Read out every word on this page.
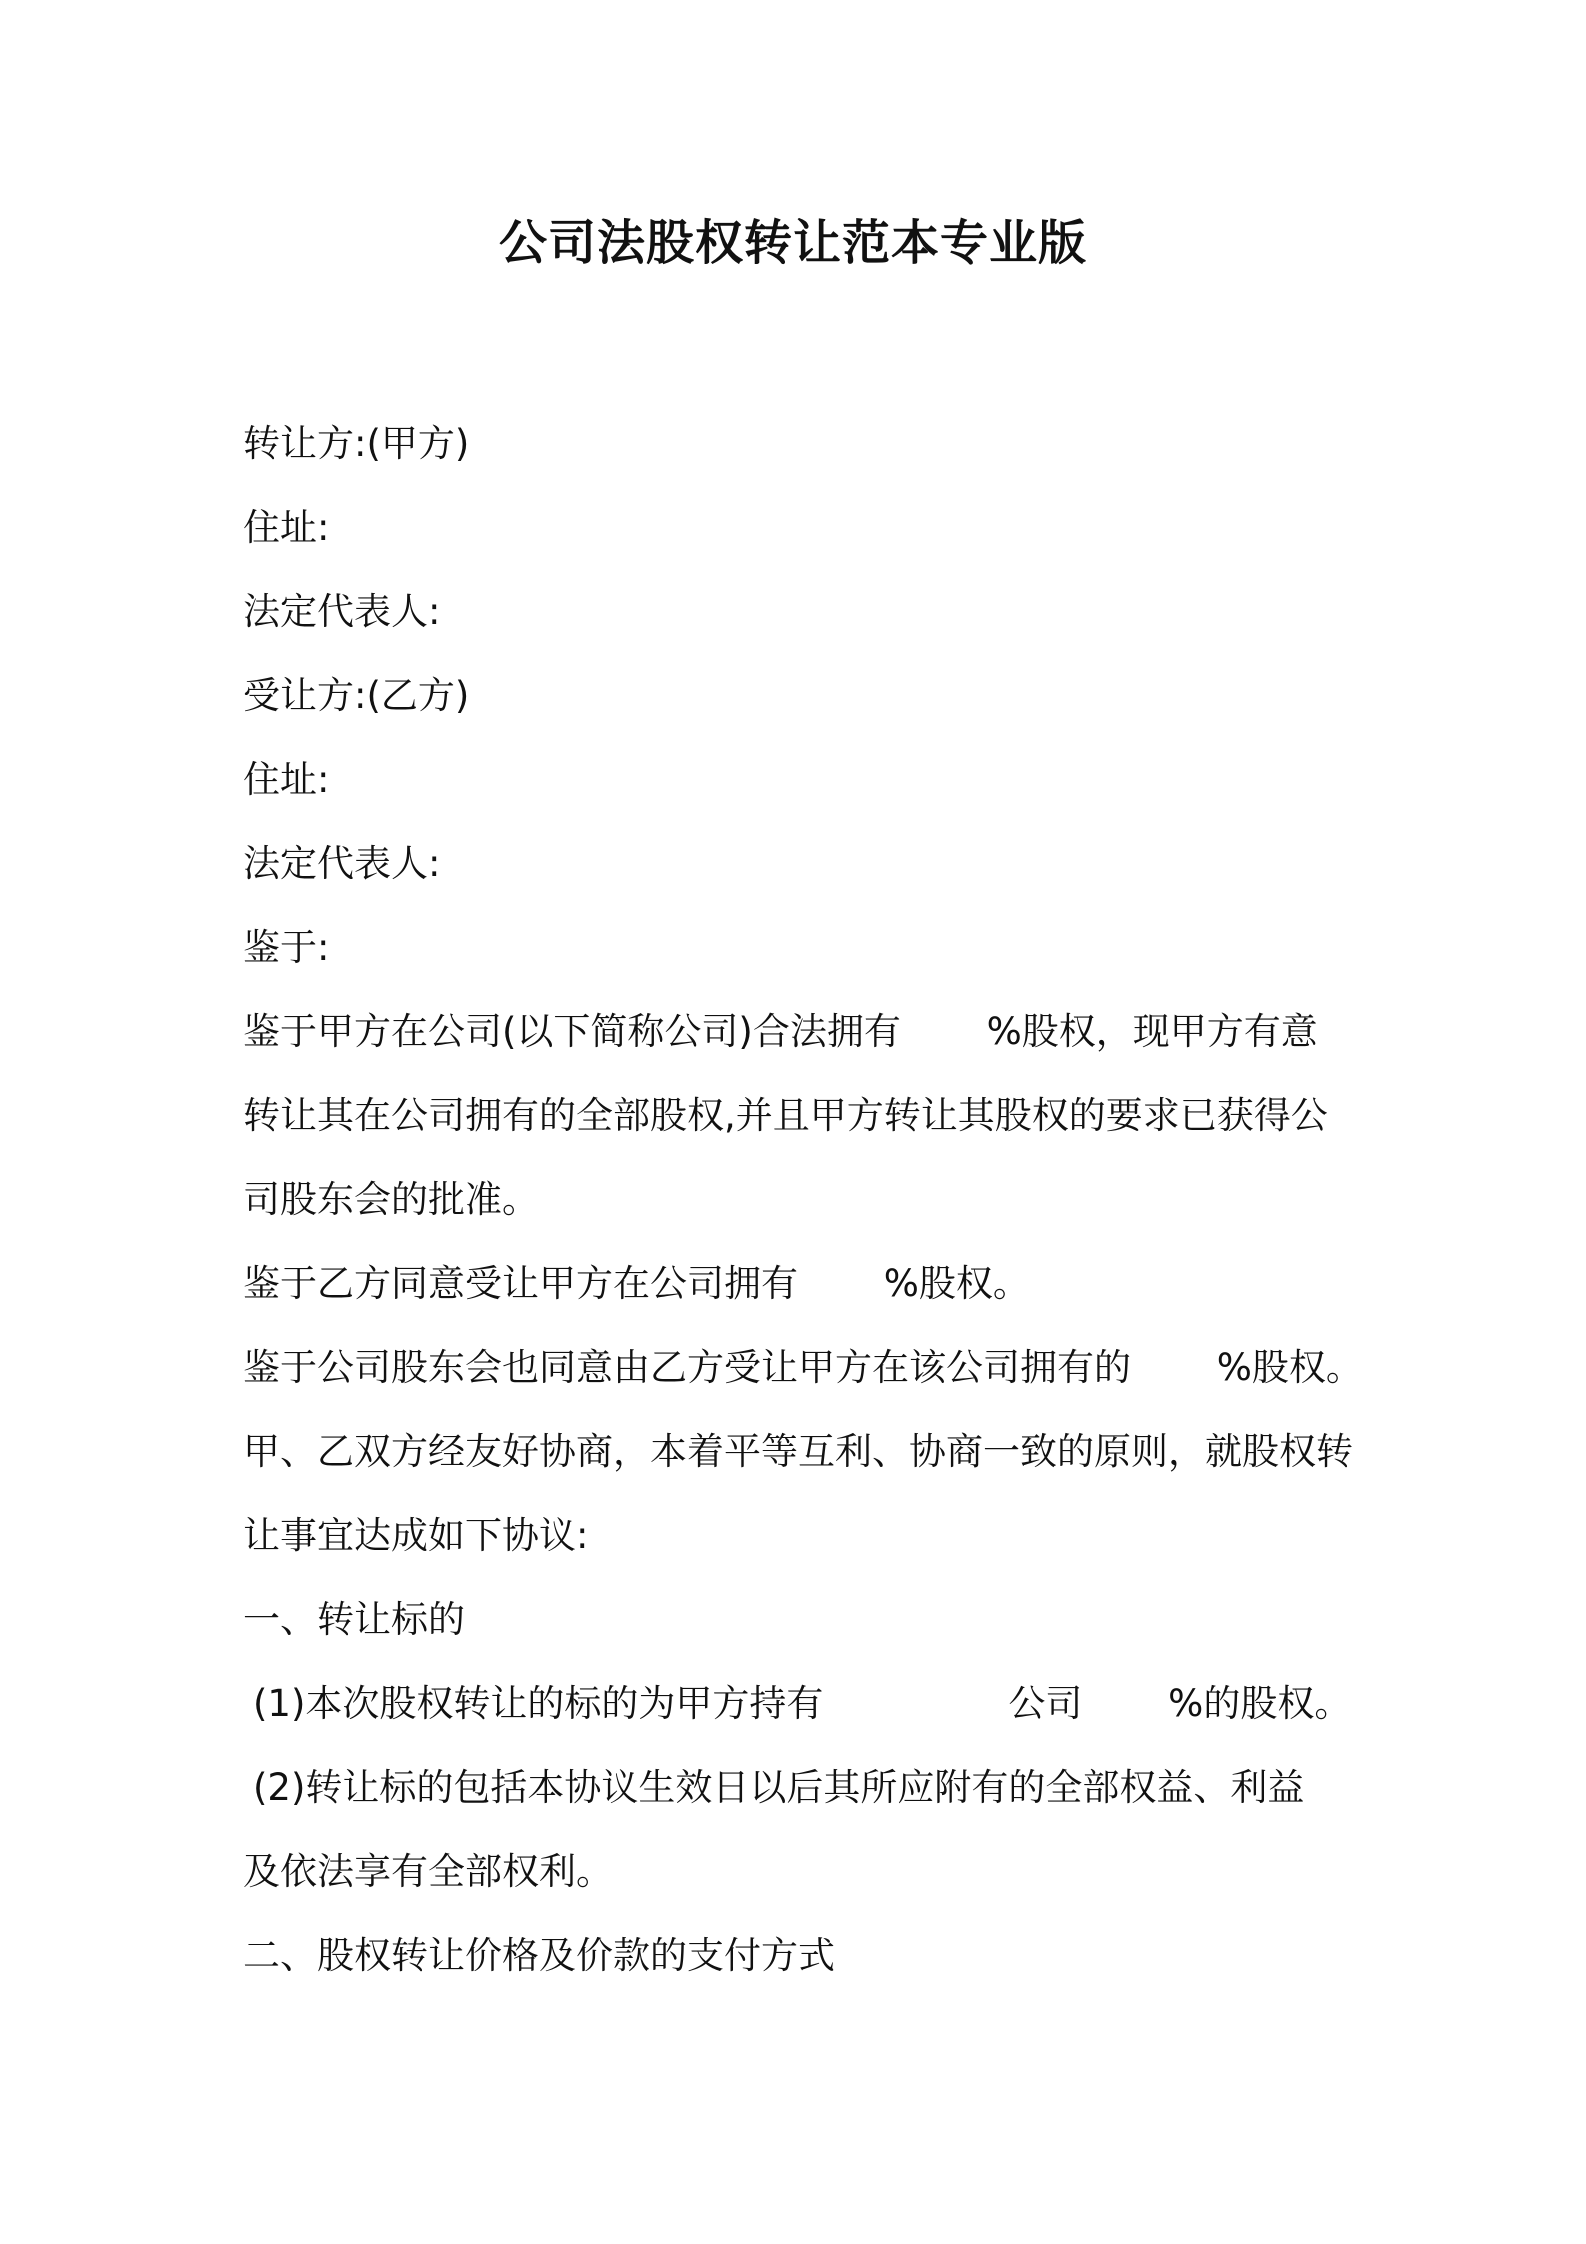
公司法股权转让范本专业版
转让方:(甲方)
住址:
法定代表人:
受让方:(乙方)
住址:
法定代表人:
鉴于:
鉴于甲方在公司(以下简称公司)合法拥有　　 %股权，现甲方有意
转让其在公司拥有的全部股权,并且甲方转让其股权的要求已获得公
司股东会的批准。
鉴于乙方同意受让甲方在公司拥有　　 %股权。
鉴于公司股东会也同意由乙方受让甲方在该公司拥有的　　 %股权。
甲、乙双方经友好协商，本着平等互利、协商一致的原则，就股权转
让事宜达成如下协议:
一、转让标的
(1)本次股权转让的标的为甲方持有　　　　　公司　　 %的股权。
(2)转让标的包括本协议生效日以后其所应附有的全部权益、利益
及依法享有全部权利。
二、股权转让价格及价款的支付方式
